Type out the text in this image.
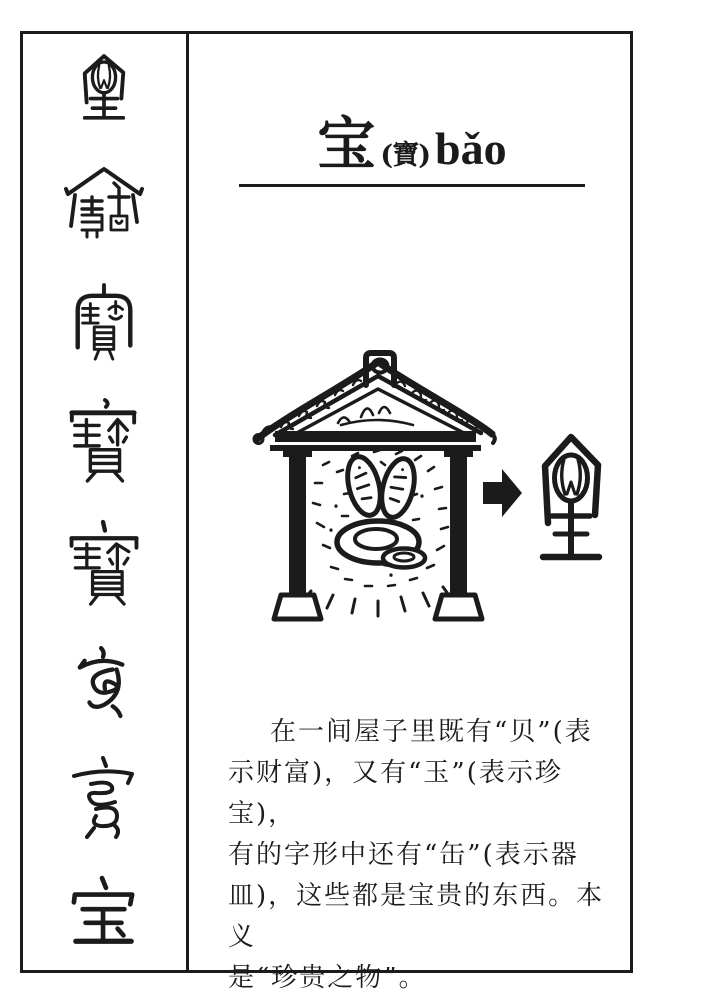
宝 (寶) bǎo
在一间屋子里既有“贝”(表
示财富)，又有“玉”(表示珍宝)，
有的字形中还有“缶”(表示器
皿)，这些都是宝贵的东西。本义
是“珍贵之物”。
